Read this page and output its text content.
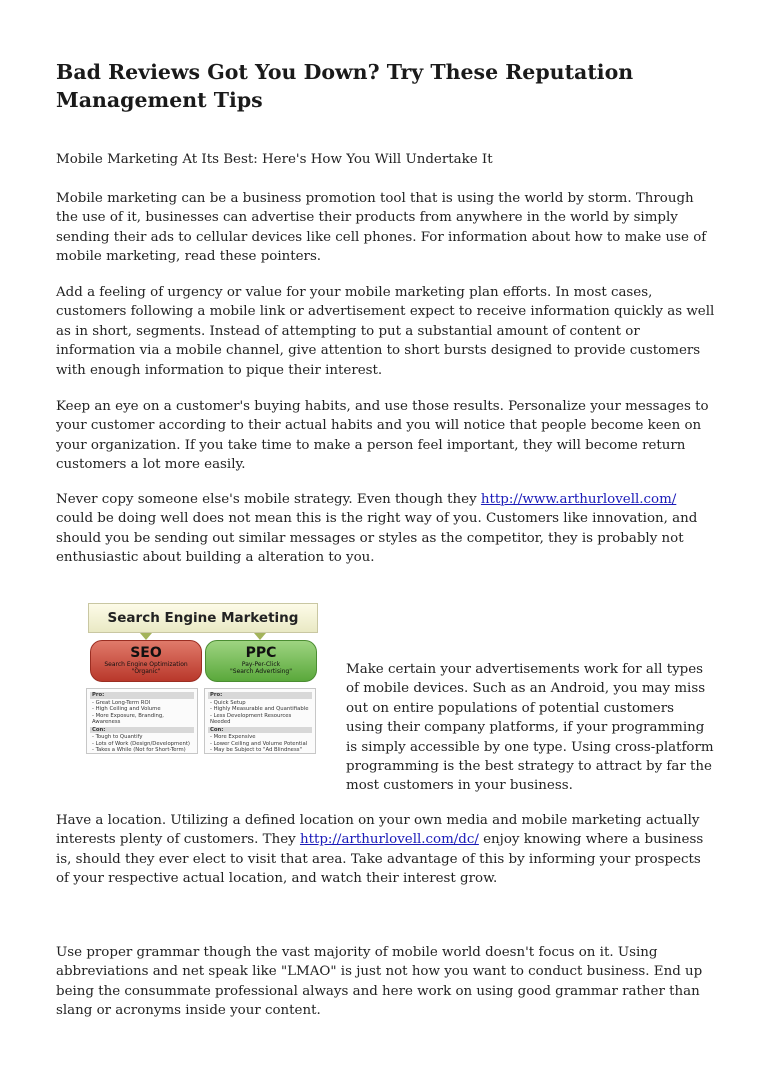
Bad Reviews Got You Down? Try These Reputation Management Tips

Mobile Marketing At Its Best: Here's How You Will Undertake It

Mobile marketing can be a business promotion tool that is using the world by storm. Through the use of it, businesses can advertise their products from anywhere in the world by simply sending their ads to cellular devices like cell phones. For information about how to make use of mobile marketing, read these pointers.

Add a feeling of urgency or value for your mobile marketing plan efforts. In most cases, customers following a mobile link or advertisement expect to receive information quickly as well as in short, segments. Instead of attempting to put a substantial amount of content or information via a mobile channel, give attention to short bursts designed to provide customers with enough information to pique their interest.

Keep an eye on a customer's buying habits, and use those results. Personalize your messages to your customer according to their actual habits and you will notice that people become keen on your organization. If you take time to make a person feel important, they will become return customers a lot more easily.

Never copy someone else's mobile strategy. Even though they http://www.arthurlovell.com/ could be doing well does not mean this is the right way of you. Customers like innovation, and should you be sending out similar messages or styles as the competitor, they is probably not enthusiastic about building a alteration to you.

Search Engine Marketing
SEO
Search Engine Optimization
"Organic"
PPC
Pay-Per-Click
"Search Advertising"
Pro:
- Great Long-Term ROI
- High Ceiling and Volume
- More Exposure, Branding, Awareness
Con:
- Tough to Quantify
- Lots of Work (Design/Development)
- Takes a While (Not for Short-Term)
Pro:
- Quick Setup
- Highly Measurable and Quantifiable
- Less Development Resources Needed
Con:
- More Expensive
- Lower Ceiling and Volume Potential
- May be Subject to "Ad Blindness"

Make certain your advertisements work for all types of mobile devices. Such as an Android, you may miss out on entire populations of potential customers using their company platforms, if your programming is simply accessible by one type. Using cross-platform programming is the best strategy to attract by far the most customers in your business.

Have a location. Utilizing a defined location on your own media and mobile marketing actually interests plenty of customers. They http://arthurlovell.com/dc/ enjoy knowing where a business is, should they ever elect to visit that area. Take advantage of this by informing your prospects of your respective actual location, and watch their interest grow.

Use proper grammar though the vast majority of mobile world doesn't focus on it. Using abbreviations and net speak like "LMAO" is just not how you want to conduct business. End up being the consummate professional always and here work on using good grammar rather than slang or acronyms inside your content.
